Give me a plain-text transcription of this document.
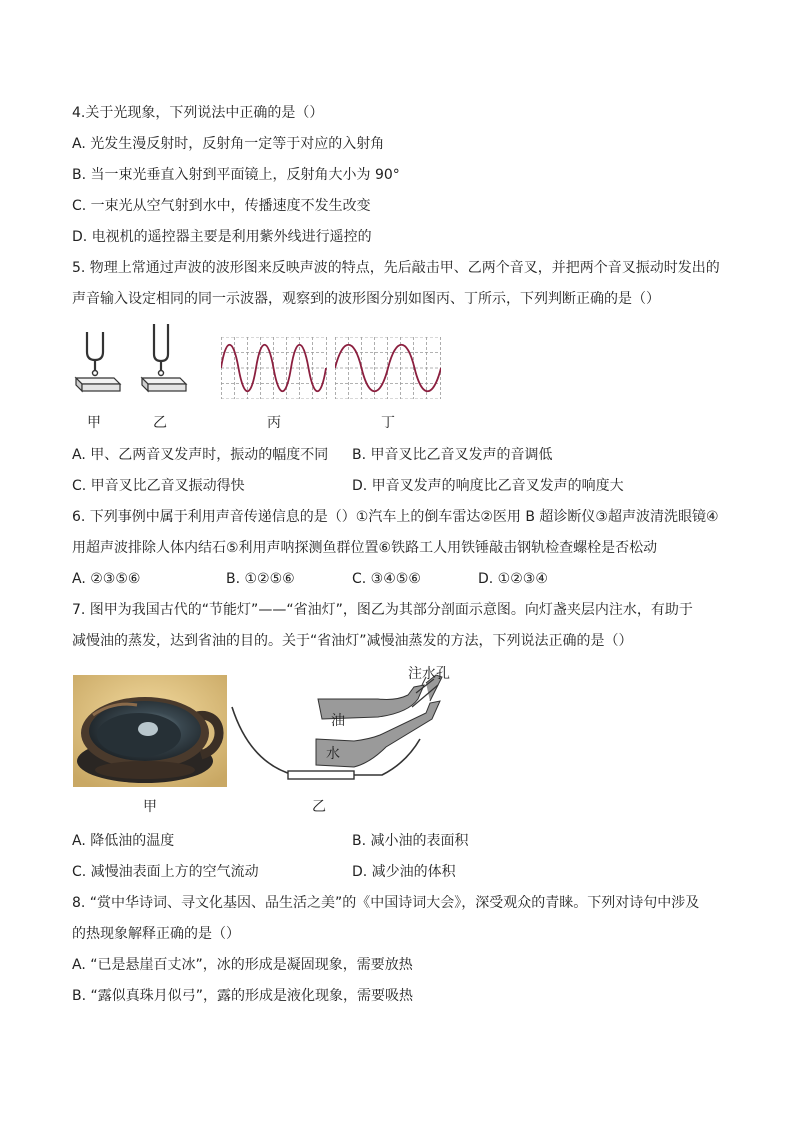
4.关于光现象，下列说法中正确的是（）
A. 光发生漫反射时，反射角一定等于对应的入射角
B. 当一束光垂直入射到平面镜上，反射角大小为 90°
C. 一束光从空气射到水中，传播速度不发生改变
D. 电视机的遥控器主要是利用紫外线进行遥控的
5. 物理上常通过声波的波形图来反映声波的特点，先后敲击甲、乙两个音叉，并把两个音叉振动时发出的
声音输入设定相同的同一示波器，观察到的波形图分别如图丙、丁所示，下列判断正确的是（）
甲	乙	丙	丁
A. 甲、乙两音叉发声时，振动的幅度不同 B. 甲音叉比乙音叉发声的音调低
C. 甲音叉比乙音叉振动得快	D. 甲音叉发声的响度比乙音叉发声的响度大
6. 下列事例中属于利用声音传递信息的是（）①汽车上的倒车雷达②医用 B 超诊断仪③超声波清洗眼镜④
用超声波排除人体内结石⑤利用声呐探测鱼群位置⑥铁路工人用铁锤敲击钢轨检查螺栓是否松动
A. ②③⑤⑥	B. ①②⑤⑥	C. ③④⑤⑥	D. ①②③④
7. 图甲为我国古代的“节能灯”——“省油灯”，图乙为其部分剖面示意图。向灯盏夹层内注水，有助于
减慢油的蒸发，达到省油的目的。关于“省油灯”减慢油蒸发的方法，下列说法正确的是（）
甲
注水孔
油
水
乙
A. 降低油的温度	B. 减小油的表面积
C. 减慢油表面上方的空气流动	D. 减少油的体积
8. “赏中华诗词、寻文化基因、品生活之美”的《中国诗词大会》，深受观众的青睐。下列对诗句中涉及
的热现象解释正确的是（）
A. “已是悬崖百丈冰”，冰的形成是凝固现象，需要放热
B. “露似真珠月似弓”，露的形成是液化现象，需要吸热
